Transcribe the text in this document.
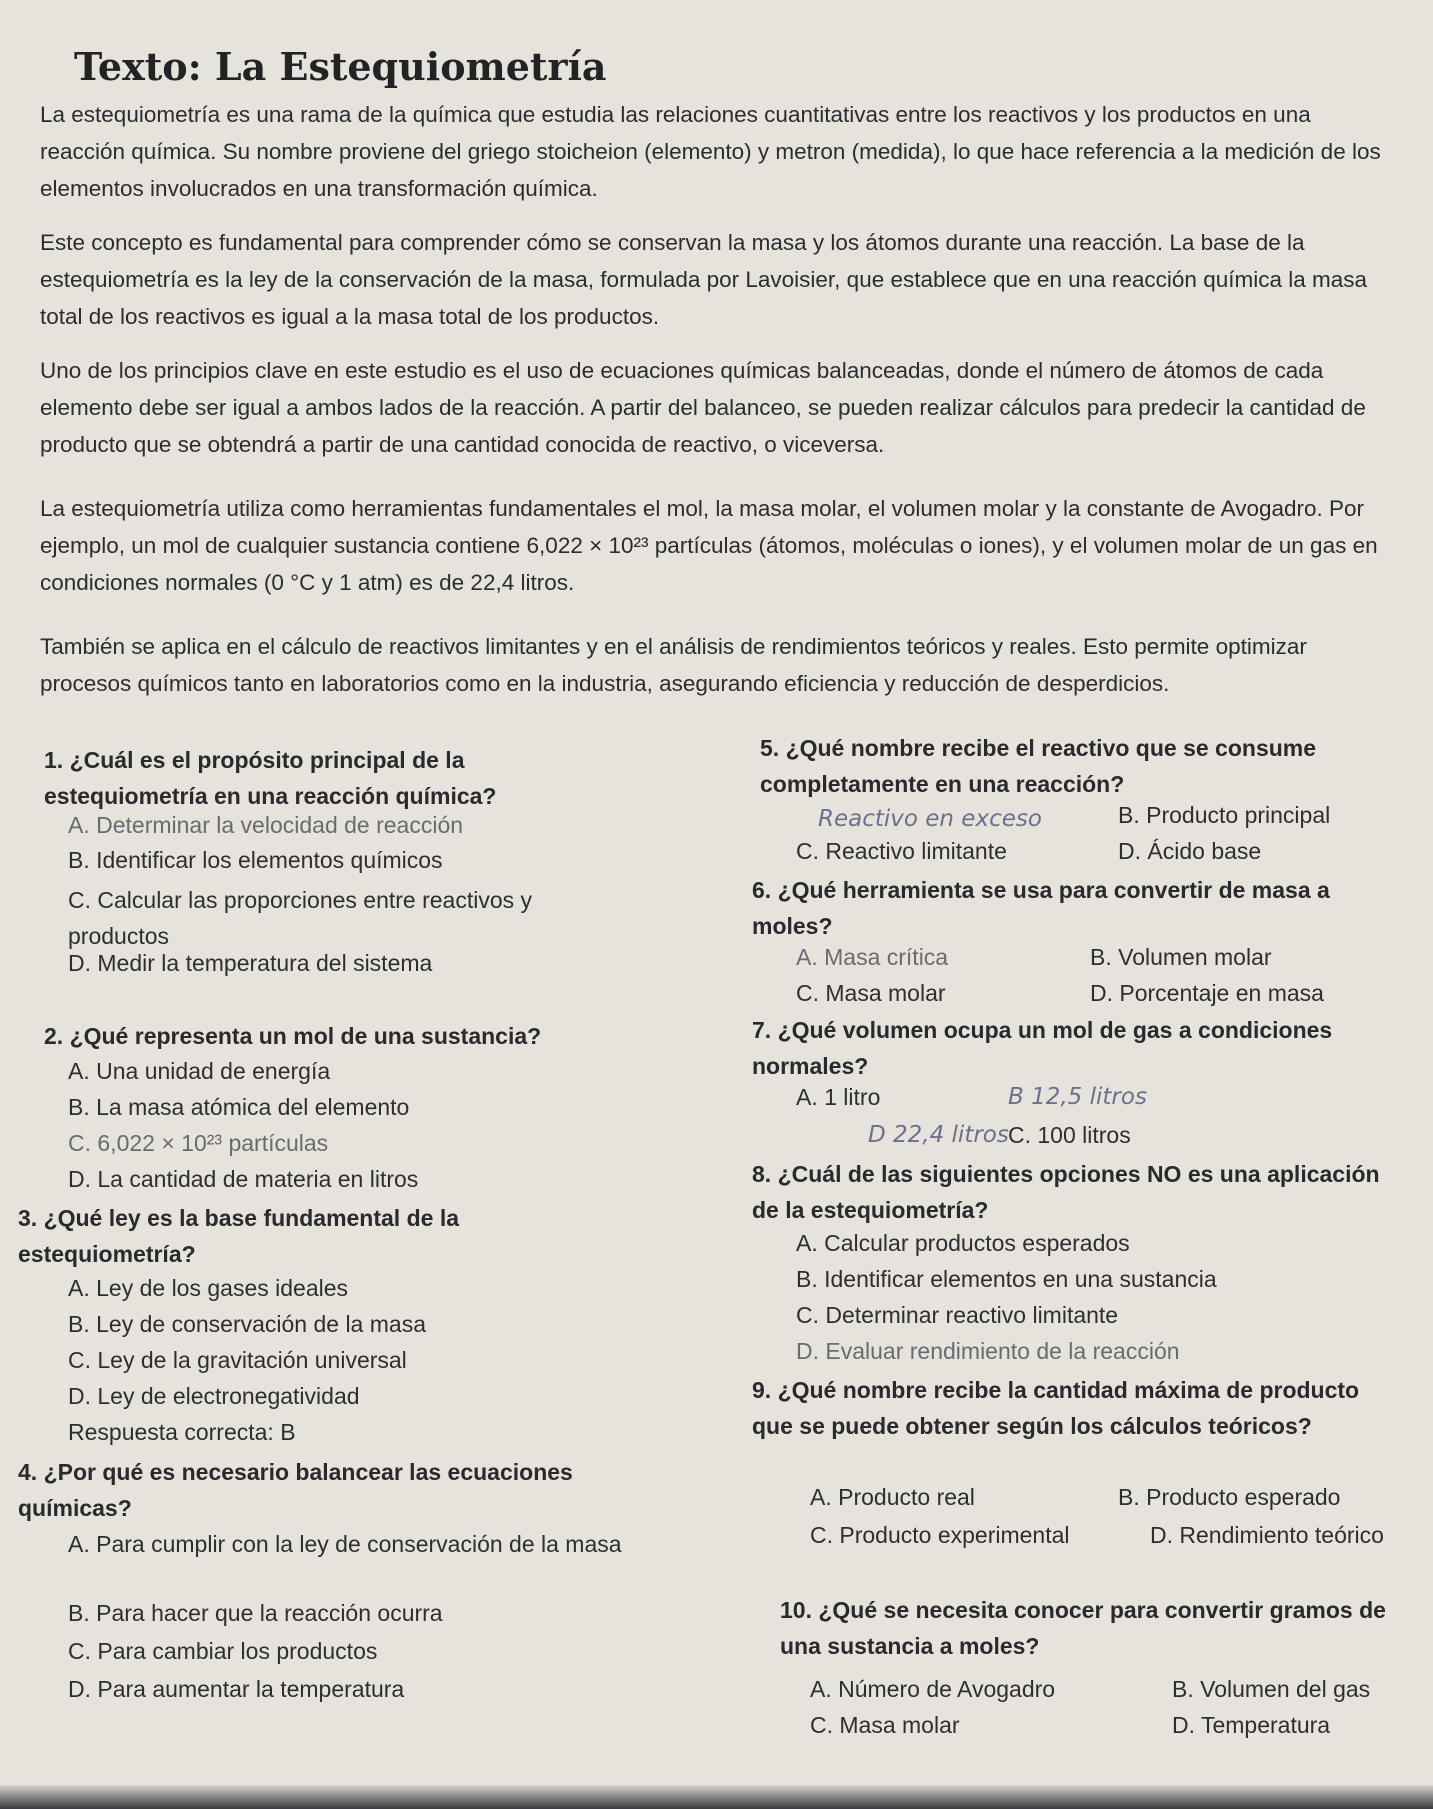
Texto: La Estequiometría
La estequiometría es una rama de la química que estudia las relaciones cuantitativas entre los reactivos y los productos en una reacción química. Su nombre proviene del griego stoicheion (elemento) y metron (medida), lo que hace referencia a la medición de los elementos involucrados en una transformación química.
Este concepto es fundamental para comprender cómo se conservan la masa y los átomos durante una reacción. La base de la estequiometría es la ley de la conservación de la masa, formulada por Lavoisier, que establece que en una reacción química la masa total de los reactivos es igual a la masa total de los productos.
Uno de los principios clave en este estudio es el uso de ecuaciones químicas balanceadas, donde el número de átomos de cada elemento debe ser igual a ambos lados de la reacción. A partir del balanceo, se pueden realizar cálculos para predecir la cantidad de producto que se obtendrá a partir de una cantidad conocida de reactivo, o viceversa.
La estequiometría utiliza como herramientas fundamentales el mol, la masa molar, el volumen molar y la constante de Avogadro. Por ejemplo, un mol de cualquier sustancia contiene 6,022 × 10²³ partículas (átomos, moléculas o iones), y el volumen molar de un gas en condiciones normales (0 °C y 1 atm) es de 22,4 litros.
También se aplica en el cálculo de reactivos limitantes y en el análisis de rendimientos teóricos y reales. Esto permite optimizar procesos químicos tanto en laboratorios como en la industria, asegurando eficiencia y reducción de desperdicios.
1. ¿Cuál es el propósito principal de la estequiometría en una reacción química?
A. Determinar la velocidad de reacción
B. Identificar los elementos químicos
C. Calcular las proporciones entre reactivos y productos
D. Medir la temperatura del sistema
2. ¿Qué representa un mol de una sustancia?
A. Una unidad de energía
B. La masa atómica del elemento
C. 6,022 × 10²³ partículas
D. La cantidad de materia en litros
3. ¿Qué ley es la base fundamental de la estequiometría?
A. Ley de los gases ideales
B. Ley de conservación de la masa
C. Ley de la gravitación universal
D. Ley de electronegatividad
Respuesta correcta: B
4. ¿Por qué es necesario balancear las ecuaciones químicas?
A. Para cumplir con la ley de conservación de la masa
B. Para hacer que la reacción ocurra
C. Para cambiar los productos
D. Para aumentar la temperatura
5. ¿Qué nombre recibe el reactivo que se consume completamente en una reacción?
Reactivo en exceso	B. Producto principal
C. Reactivo limitante	D. Ácido base
6. ¿Qué herramienta se usa para convertir de masa a moles?
A. Masa crítica	B. Volumen molar
C. Masa molar	D. Porcentaje en masa
7. ¿Qué volumen ocupa un mol de gas a condiciones normales?
A. 1 litro	B 12,5 litros
D 22,4 litros C. 100 litros
8. ¿Cuál de las siguientes opciones NO es una aplicación de la estequiometría?
A. Calcular productos esperados
B. Identificar elementos en una sustancia
C. Determinar reactivo limitante
D. Evaluar rendimiento de la reacción
9. ¿Qué nombre recibe la cantidad máxima de producto que se puede obtener según los cálculos teóricos?
A. Producto real	B. Producto esperado
C. Producto experimental	D. Rendimiento teórico
10. ¿Qué se necesita conocer para convertir gramos de una sustancia a moles?
A. Número de Avogadro	B. Volumen del gas
C. Masa molar	D. Temperatura
